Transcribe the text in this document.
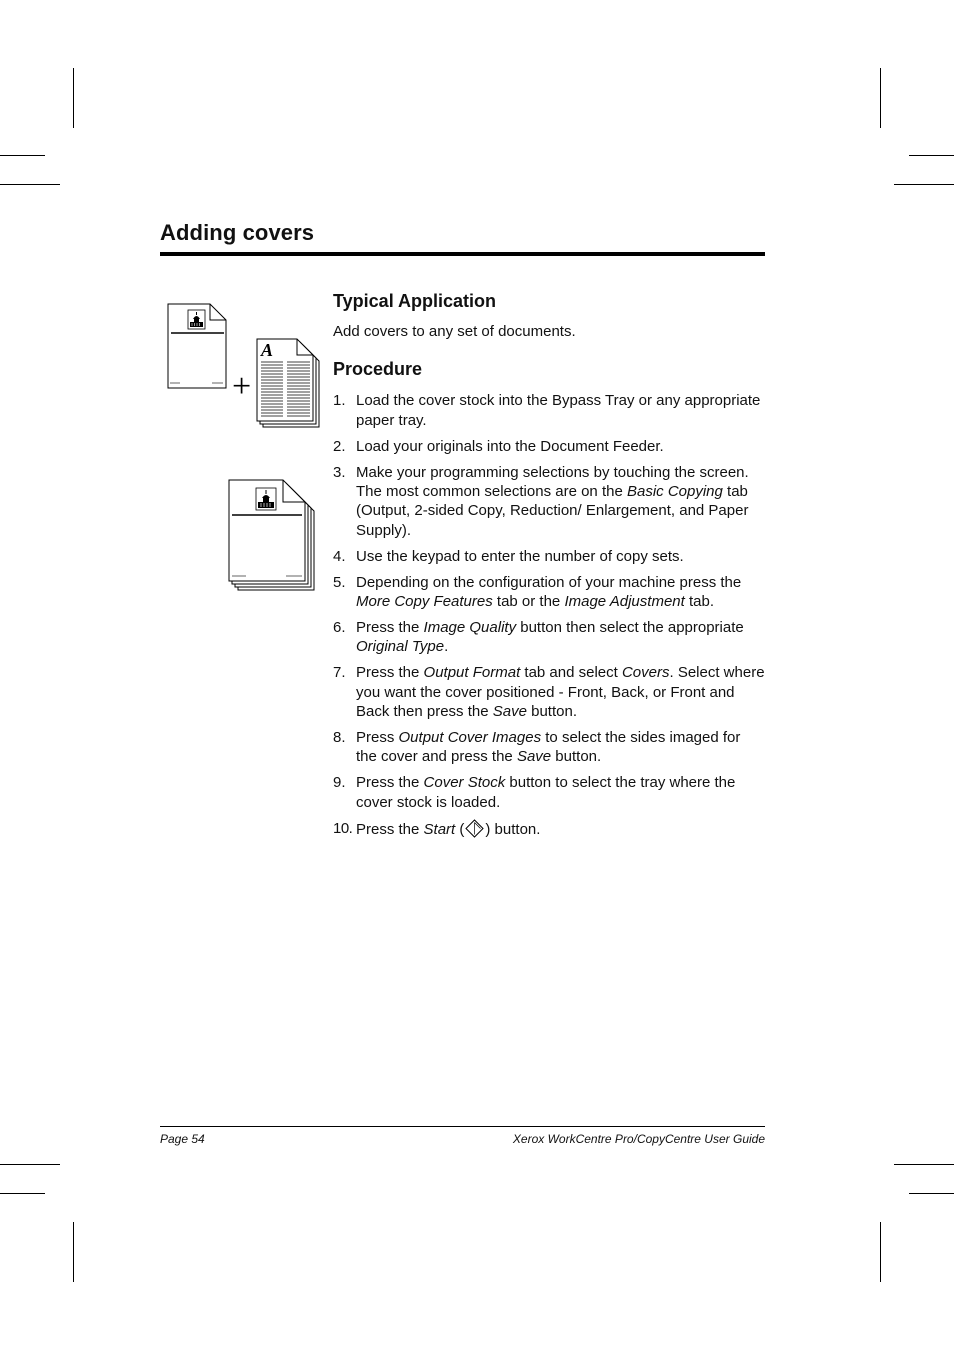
Adding covers
+
A
Typical Application

Add covers to any set of documents.

Procedure
1. Load the cover stock into the Bypass Tray or any appropriate paper tray.
2. Load your originals into the Document Feeder.
3. Make your programming selections by touching the screen. The most common selections are on the Basic Copying tab (Output, 2-sided Copy, Reduction/ Enlargement, and Paper Supply).
4. Use the keypad to enter the number of copy sets.
5. Depending on the configuration of your machine press the More Copy Features tab or the Image Adjustment tab.
6. Press the Image Quality button then select the appropriate Original Type.
7. Press the Output Format tab and select Covers. Select where you want the cover positioned - Front, Back, or Front and Back then press the Save button.
8. Press Output Cover Images to select the sides imaged for the cover and press the Save button.
9. Press the Cover Stock button to select the tray where the cover stock is loaded.
10. Press the Start ( ) button.
Page 54	Xerox WorkCentre Pro/CopyCentre User Guide
